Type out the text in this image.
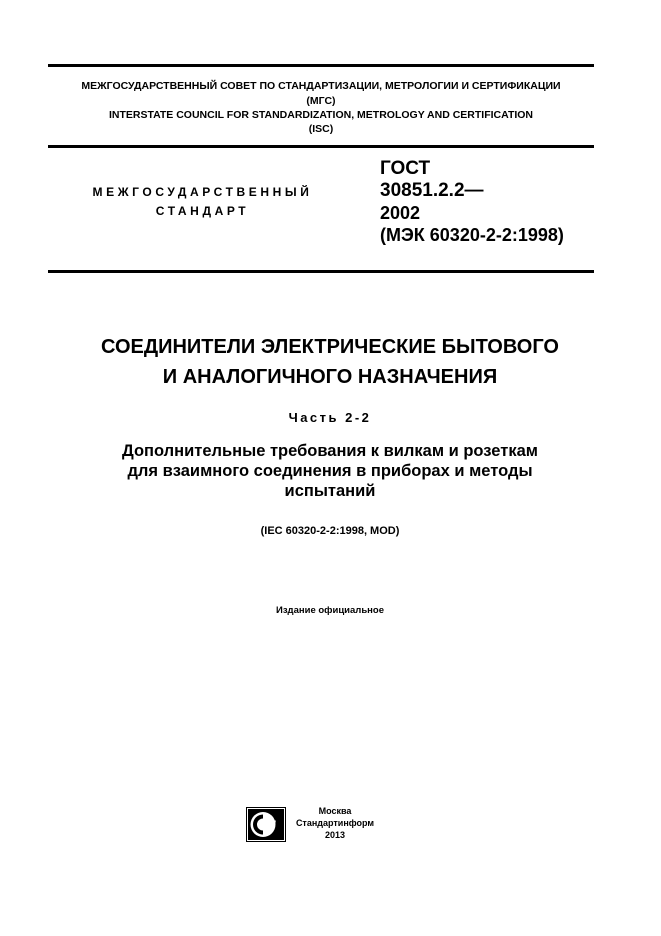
МЕЖГОСУДАРСТВЕННЫЙ СОВЕТ ПО СТАНДАРТИЗАЦИИ, МЕТРОЛОГИИ И СЕРТИФИКАЦИИ
(МГС)
INTERSTATE COUNCIL FOR STANDARDIZATION, METROLOGY AND CERTIFICATION
(ISC)
МЕЖГОСУДАРСТВЕННЫЙ
СТАНДАРТ
ГОСТ
30851.2.2—
2002
(МЭК 60320-2-2:1998)
СОЕДИНИТЕЛИ ЭЛЕКТРИЧЕСКИЕ БЫТОВОГО
И АНАЛОГИЧНОГО НАЗНАЧЕНИЯ
Часть 2-2
Дополнительные требования к вилкам и розеткам
для взаимного соединения в приборах и методы
испытаний
(IEC 60320-2-2:1998, MOD)
Издание официальное
И
Москва
Стандартинформ
2013
